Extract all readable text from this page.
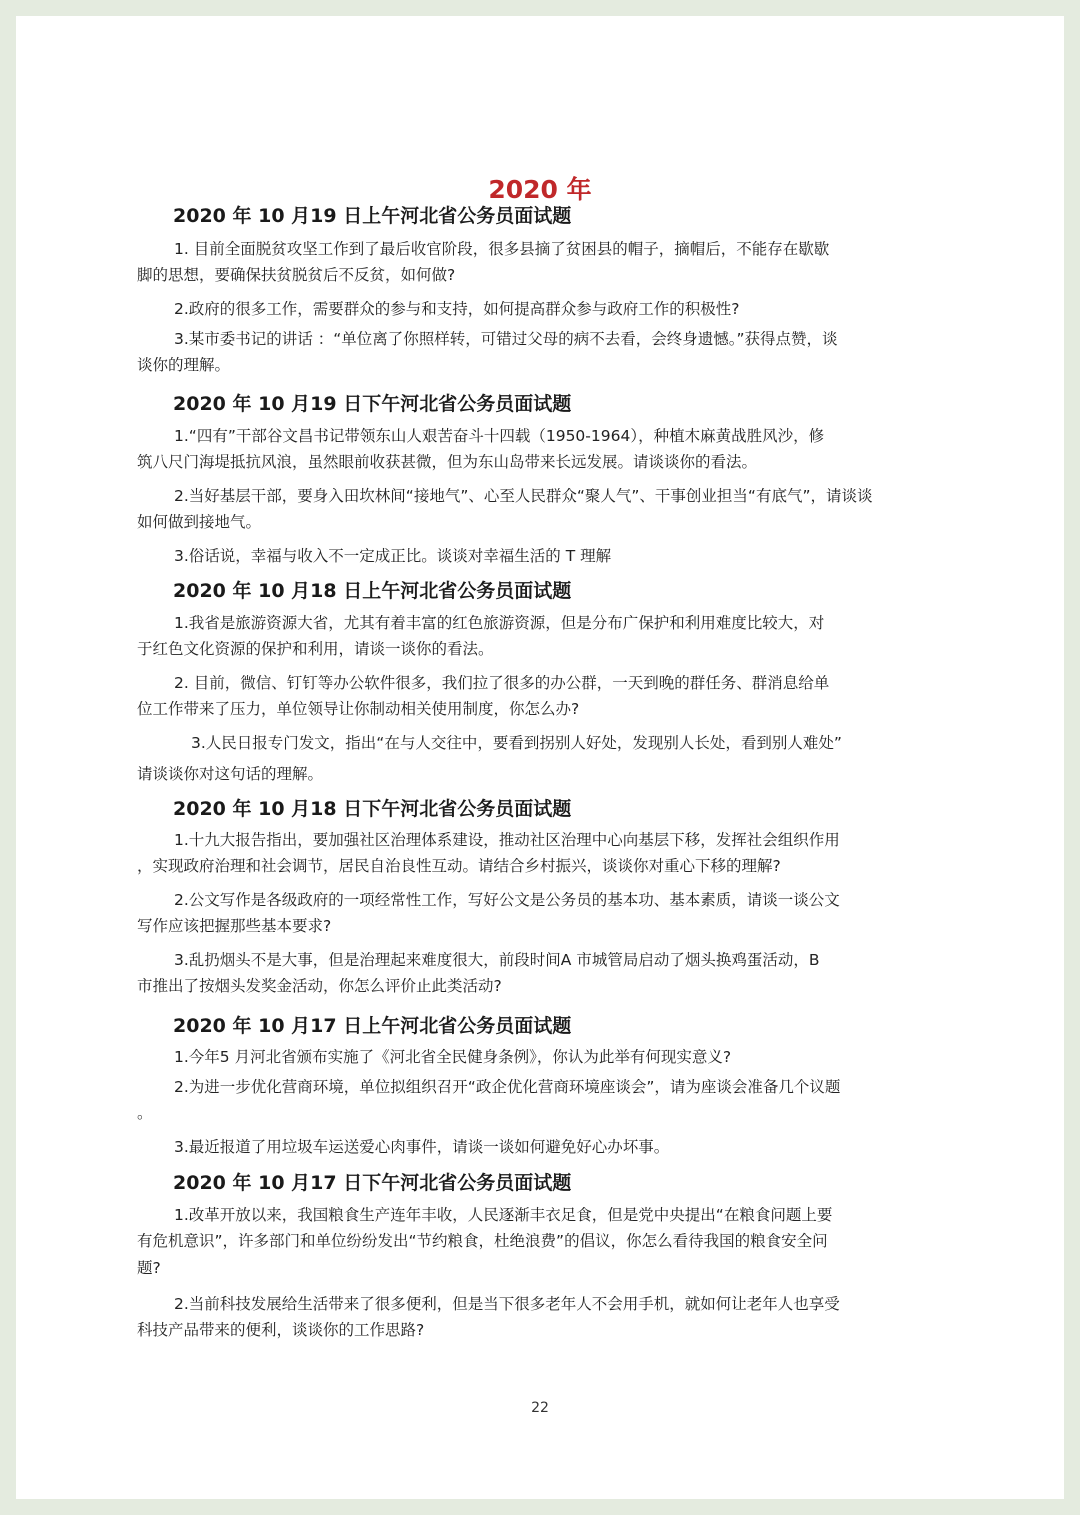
2020 年
2020 年 10 月19 日上午河北省公务员面试题

1. 目前全面脱贫攻坚工作到了最后收官阶段，很多县摘了贫困县的帽子，摘帽后，不能存在歇歇

脚的思想，要确保扶贫脱贫后不反贫，如何做?

2.政府的很多工作，需要群众的参与和支持，如何提高群众参与政府工作的积极性?

3.某市委书记的讲话 ：“单位离了你照样转，可错过父母的病不去看，会终身遗憾。”获得点赞，谈

谈你的理解。

2020 年 10 月19 日下午河北省公务员面试题

1.“四有”干部谷文昌书记带领东山人艰苦奋斗十四载（1950-1964），种植木麻黄战胜风沙，修

筑八尺门海堤抵抗风浪，虽然眼前收获甚微，但为东山岛带来长远发展。请谈谈你的看法。

2.当好基层干部，要身入田坎林间“接地气”、心至人民群众“聚人气”、干事创业担当“有底气”，请谈谈

如何做到接地气。

3.俗话说，幸福与收入不一定成正比。谈谈对幸福生活的 T 理解

2020 年 10 月18 日上午河北省公务员面试题

1.我省是旅游资源大省，尤其有着丰富的红色旅游资源，但是分布广保护和利用难度比较大，对

于红色文化资源的保护和利用，请谈一谈你的看法。

2. 目前，微信、钉钉等办公软件很多，我们拉了很多的办公群，一天到晚的群任务、群消息给单

位工作带来了压力，单位领导让你制动相关使用制度，你怎么办?

3.人民日报专门发文，指出“在与人交往中，要看到拐别人好处，发现别人长处，看到别人难处”

请谈谈你对这句话的理解。

2020 年 10 月18 日下午河北省公务员面试题

1.十九大报告指出，要加强社区治理体系建设，推动社区治理中心向基层下移，发挥社会组织作用

，实现政府治理和社会调节，居民自治良性互动。请结合乡村振兴，谈谈你对重心下移的理解?

2.公文写作是各级政府的一项经常性工作，写好公文是公务员的基本功、基本素质，请谈一谈公文

写作应该把握那些基本要求?

3.乱扔烟头不是大事，但是治理起来难度很大，前段时间A 市城管局启动了烟头换鸡蛋活动，B

市推出了按烟头发奖金活动，你怎么评价止此类活动?

2020 年 10 月17 日上午河北省公务员面试题

1.今年5 月河北省颁布实施了《河北省全民健身条例》，你认为此举有何现实意义?

2.为进一步优化营商环境，单位拟组织召开“政企优化营商环境座谈会”，请为座谈会准备几个议题

。

3.最近报道了用垃圾车运送爱心肉事件，请谈一谈如何避免好心办坏事。

2020 年 10 月17 日下午河北省公务员面试题

1.改革开放以来，我国粮食生产连年丰收，人民逐渐丰衣足食，但是党中央提出“在粮食问题上要

有危机意识”，许多部门和单位纷纷发出“节约粮食，杜绝浪费”的倡议，你怎么看待我国的粮食安全问

题?

2.当前科技发展给生活带来了很多便利，但是当下很多老年人不会用手机，就如何让老年人也享受

科技产品带来的便利，谈谈你的工作思路?

22
